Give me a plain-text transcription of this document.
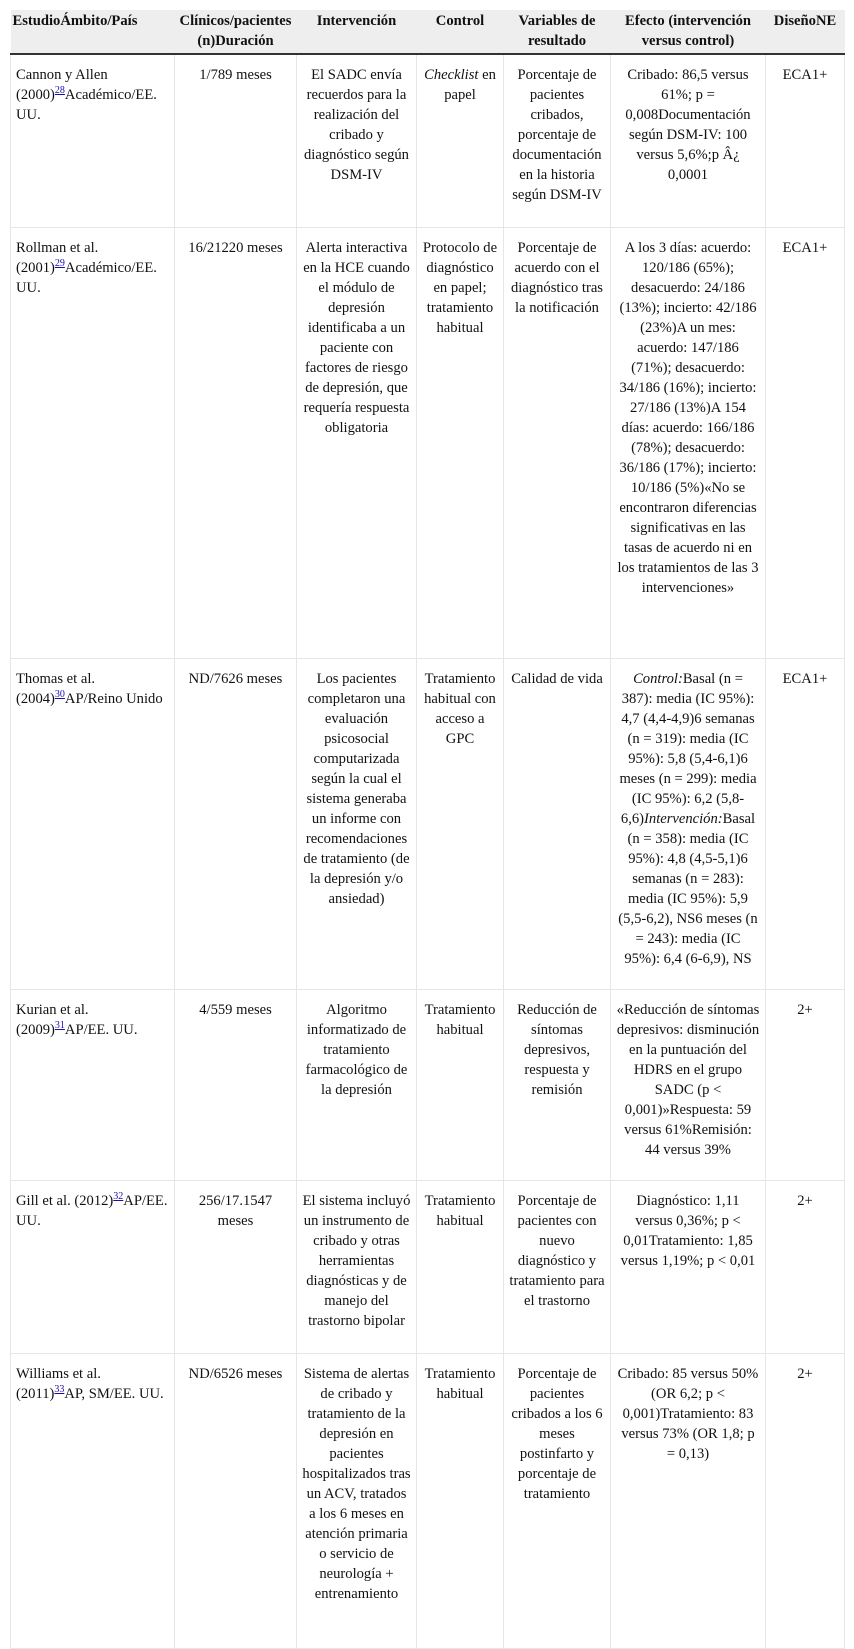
EstudioÁmbito/País	Clínicos/pacientes (n)Duración	Intervención	Control	Variables de resultado	Efecto (intervención versus control)	DiseñoNE
Cannon y Allen $(2000)^{28}Académico/EE$. UU.	1/789 meses	El SADC envía recuerdos para la realización del cribado y diagnóstico según DSM-IV	Checklist en papel	Porcentaje de pacientes cribados, porcentaje de documentación en la historia según DSM-IV	Cribado: 86,5 versus 61%; p = 0,008Documentación según DSM-IV: 100 versus 5,6%;p Â¿ 0,0001	ECA1+
Rollman et al. $(2001)^{29}Académico/EE$. UU.	16/21220 meses	Alerta interactiva en la HCE cuando el módulo de depresión identificaba a un paciente con factores de riesgo de depresión, que requería respuesta obligatoria	Protocolo de diagnóstico en papel; tratamiento habitual	Porcentaje de acuerdo con el diagnóstico tras la notificación	A los 3 días: acuerdo: 120/186 (65%); desacuerdo: 24/186 (13%); incierto: 42/186 (23%)A un mes: acuerdo: 147/186 (71%); desacuerdo: 34/186 (16%); incierto: 27/186 (13%)A 154 días: acuerdo: 166/186 (78%); desacuerdo: 36/186 (17%); incierto: 10/186 (5%)«No se encontraron diferencias significativas en las tasas de acuerdo ni en los tratamientos de las 3 intervenciones»	ECA1+
Thomas et al. $(2004)^{30}AP$/Reino Unido	ND/7626 meses	Los pacientes completaron una evaluación psicosocial computarizada según la cual el sistema generaba un informe con recomendaciones de tratamiento (de la depresión y/o ansiedad)	Tratamiento habitual con acceso a GPC	Calidad de vida	Control:Basal (n = 387): media (IC 95%): 4,7 (4,4-4,9)6 semanas (n = 319): media (IC 95%): 5,8 (5,4-6,1)6 meses (n = 299): media (IC 95%): 6,2 (5,8-6,6)Intervención:Basal (n = 358): media (IC 95%): 4,8 (4,5-5,1)6 semanas (n = 283): media (IC 95%): 5,9 (5,5-6,2), NS6 meses (n = 243): media (IC 95%): 6,4 (6-6,9), NS	ECA1+
Kurian et al. $(2009)^{31}AP/EE$. UU.	4/559 meses	Algoritmo informatizado de tratamiento farmacológico de la depresión	Tratamiento habitual	Reducción de síntomas depresivos, respuesta y remisión	«Reducción de síntomas depresivos: disminución en la puntuación del HDRS en el grupo SADC (p < 0,001)»Respuesta: 59 versus 61%Remisión: 44 versus 39%	2+
Gill et al. $(2012)^{32}AP/EE$. UU.	256/17.1547 meses	El sistema incluyó un instrumento de cribado y otras herramientas diagnósticas y de manejo del trastorno bipolar	Tratamiento habitual	Porcentaje de pacientes con nuevo diagnóstico y tratamiento para el trastorno	Diagnóstico: 1,11 versus 0,36%; p < 0,01Tratamiento: 1,85 versus 1,19%; p < 0,01	2+
Williams et al. $(2011)^{33}AP$, SM/EE. UU.	ND/6526 meses	Sistema de alertas de cribado y tratamiento de la depresión en pacientes hospitalizados tras un ACV, tratados a los 6 meses en atención primaria o servicio de neurología + entrenamiento	Tratamiento habitual	Porcentaje de pacientes cribados a los 6 meses postinfarto y porcentaje de tratamiento	Cribado: 85 versus 50% (OR 6,2; p < 0,001)Tratamiento: 83 versus 73% (OR 1,8; p = 0,13)	2+
